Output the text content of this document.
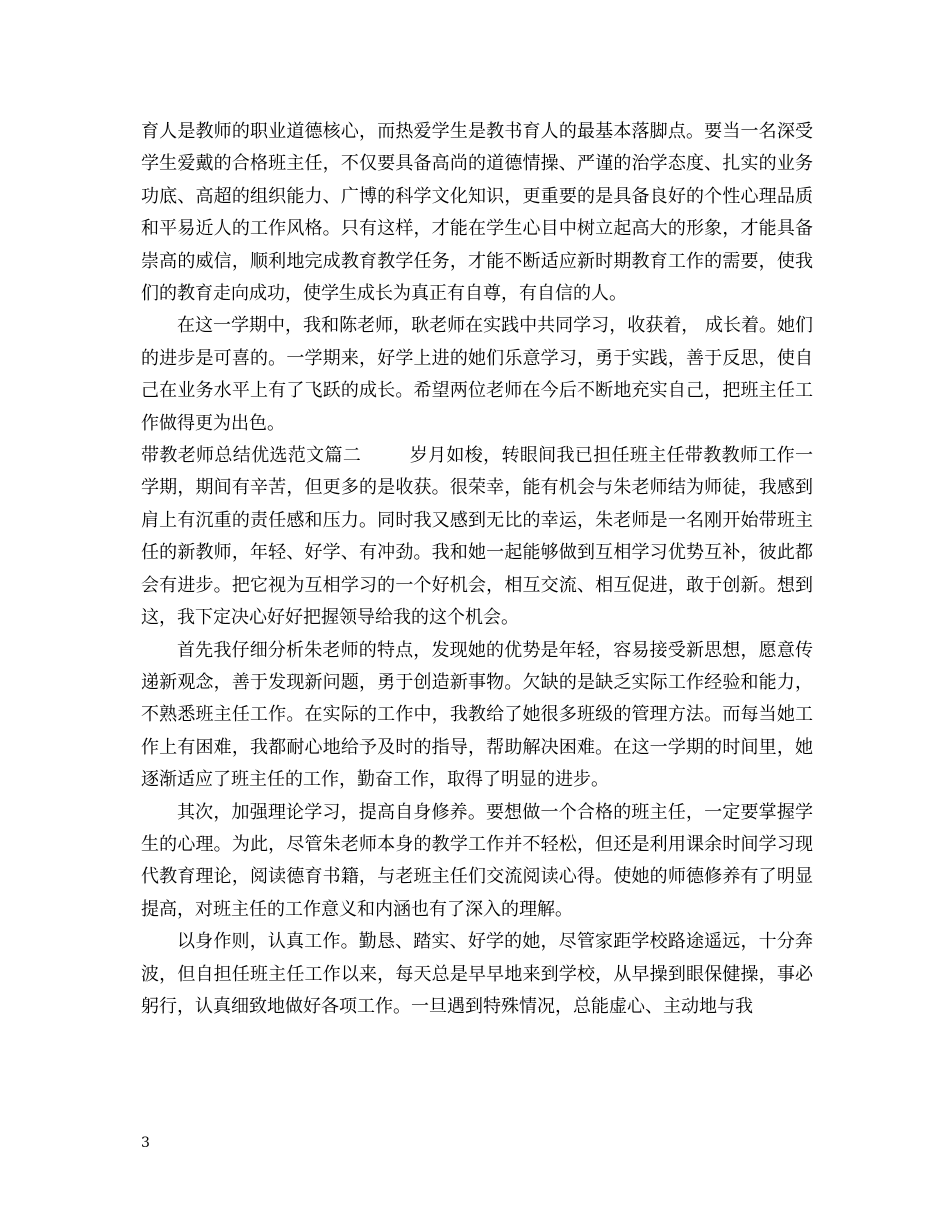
育人是教师的职业道德核心，而热爱学生是教书育人的最基本落脚点。要当一名深受学生爱戴的合格班主任，不仅要具备高尚的道德情操、严谨的治学态度、扎实的业务功底、高超的组织能力、广博的科学文化知识，更重要的是具备良好的个性心理品质和平易近人的工作风格。只有这样，才能在学生心目中树立起高大的形象，才能具备崇高的威信，顺利地完成教育教学任务，才能不断适应新时期教育工作的需要，使我们的教育走向成功，使学生成长为真正有自尊，有自信的人。

在这一学期中，我和陈老师，耿老师在实践中共同学习，收获着， 成长着。她们的进步是可喜的。一学期来，好学上进的她们乐意学习，勇于实践，善于反思，使自己在业务水平上有了飞跃的成长。希望两位老师在今后不断地充实自己，把班主任工作做得更为出色。

带教老师总结优选范文篇二	岁月如梭，转眼间我已担任班主任带教教师工作一学期，期间有辛苦，但更多的是收获。很荣幸，能有机会与朱老师结为师徒，我感到肩上有沉重的责任感和压力。同时我又感到无比的幸运，朱老师是一名刚开始带班主任的新教师，年轻、好学、有冲劲。我和她一起能够做到互相学习优势互补，彼此都会有进步。把它视为互相学习的一个好机会，相互交流、相互促进，敢于创新。想到这，我下定决心好好把握领导给我的这个机会。

首先我仔细分析朱老师的特点，发现她的优势是年轻，容易接受新思想，愿意传递新观念，善于发现新问题，勇于创造新事物。欠缺的是缺乏实际工作经验和能力，不熟悉班主任工作。在实际的工作中，我教给了她很多班级的管理方法。而每当她工作上有困难，我都耐心地给予及时的指导，帮助解决困难。在这一学期的时间里，她逐渐适应了班主任的工作，勤奋工作，取得了明显的进步。

其次，加强理论学习，提高自身修养。要想做一个合格的班主任，一定要掌握学生的心理。为此，尽管朱老师本身的教学工作并不轻松，但还是利用课余时间学习现代教育理论，阅读德育书籍，与老班主任们交流阅读心得。使她的师德修养有了明显提高，对班主任的工作意义和内涵也有了深入的理解。

以身作则，认真工作。勤恳、踏实、好学的她，尽管家距学校路途遥远，十分奔波，但自担任班主任工作以来，每天总是早早地来到学校，从早操到眼保健操，事必躬行，认真细致地做好各项工作。一旦遇到特殊情况，总能虚心、主动地与我

3
